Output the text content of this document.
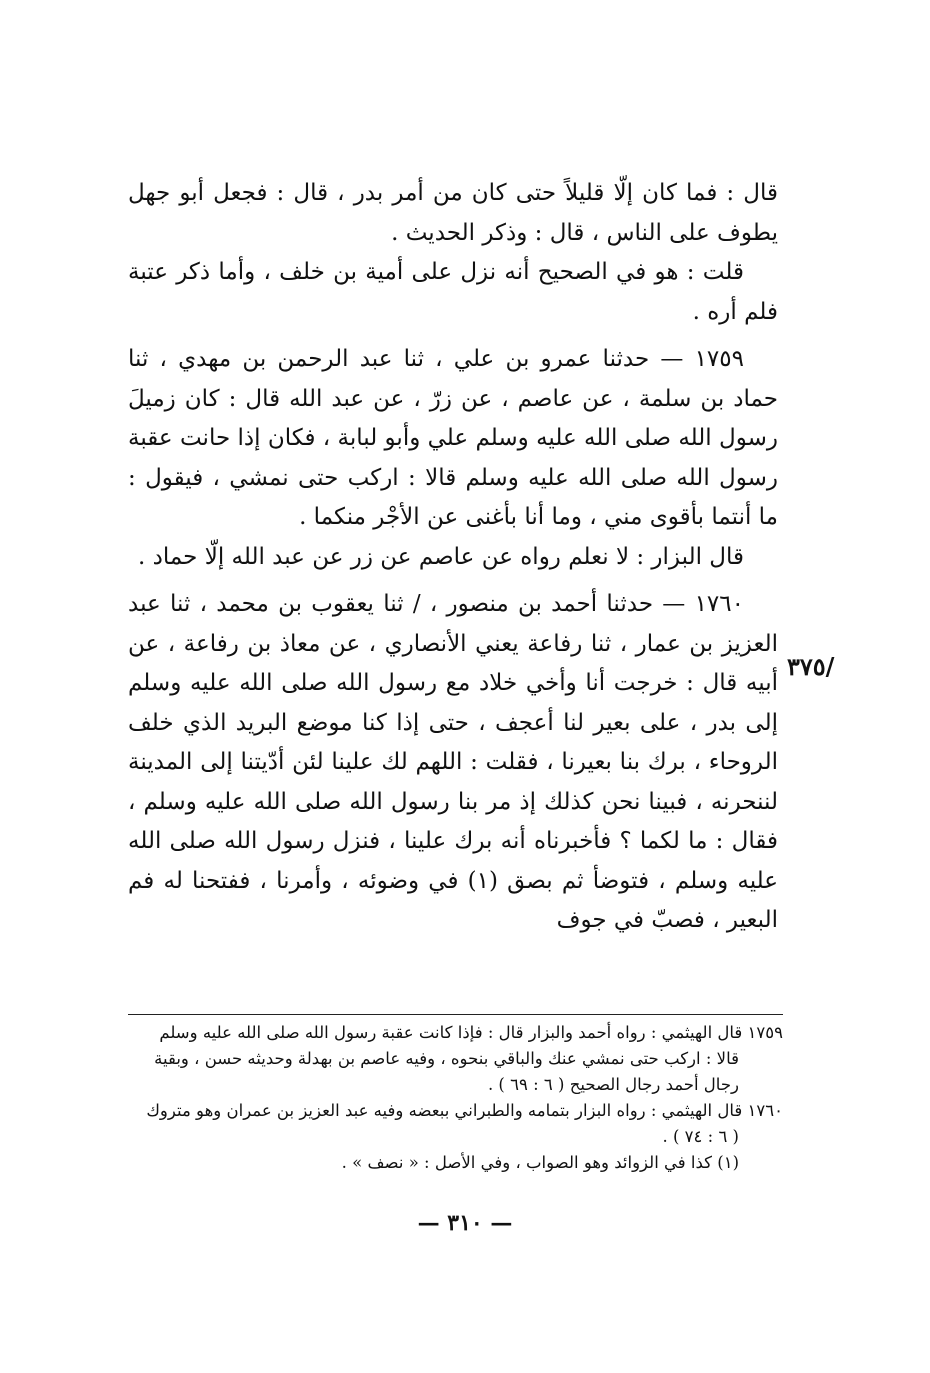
قال : فما كان إلّا قليلاً حتى كان من أمر بدر ، قال : فجعل أبو جهل يطوف على الناس ، قال : وذكر الحديث .

قلت : هو في الصحيح أنه نزل على أمية بن خلف ، وأما ذكر عتبة فلم أره .

١٧٥٩ — حدثنا عمرو بن علي ، ثنا عبد الرحمن بن مهدي ، ثنا حماد بن سلمة ، عن عاصم ، عن زرّ ، عن عبد الله قال : كان زميلَ رسول الله صلى الله عليه وسلم علي وأبو لبابة ، فكان إذا حانت عقبة رسول الله صلى الله عليه وسلم قالا : اركب حتى نمشي ، فيقول : ما أنتما بأقوى مني ، وما أنا بأغنى عن الأجْر منكما .

قال البزار : لا نعلم رواه عن عاصم عن زر عن عبد الله إلّا حماد .

١٧٦٠ — حدثنا أحمد بن منصور ، / ثنا يعقوب بن محمد ، ثنا عبد العزيز بن عمار ، ثنا رفاعة يعني الأنصاري ، عن معاذ بن رفاعة ، عن أبيه قال : خرجت أنا وأخي خلاد مع رسول الله صلى الله عليه وسلم إلى بدر ، على بعير لنا أعجف ، حتى إذا كنا موضع البريد الذي خلف الروحاء ، برك بنا بعيرنا ، فقلت : اللهم لك علينا لئن أدّيتنا إلى المدينة لننحرنه ، فبينا نحن كذلك إذ مر بنا رسول الله صلى الله عليه وسلم ، فقال : ما لكما ؟ فأخبرناه أنه برك علينا ، فنزل رسول الله صلى الله عليه وسلم ، فتوضأ ثم بصق (١) في وضوئه ، وأمرنا ، ففتحنا له فم البعير ، فصبّ في جوف

/٣٧٥

١٧٥٩ قال الهيثمي : رواه أحمد والبزار قال : فإذا كانت عقبة رسول الله صلى الله عليه وسلم

قالا : اركب حتى نمشي عنك والباقي بنحوه ، وفيه عاصم بن بهدلة وحديثه حسن ، وبقية رجال أحمد رجال الصحيح ( ٦ : ٦٩ ) .

١٧٦٠ قال الهيثمي : رواه البزار بتمامه والطبراني ببعضه وفيه عبد العزيز بن عمران وهو متروك

( ٦ : ٧٤ ) .

(١) كذا في الزوائد وهو الصواب ، وفي الأصل : « نصف » .

— ٣١٠ —
